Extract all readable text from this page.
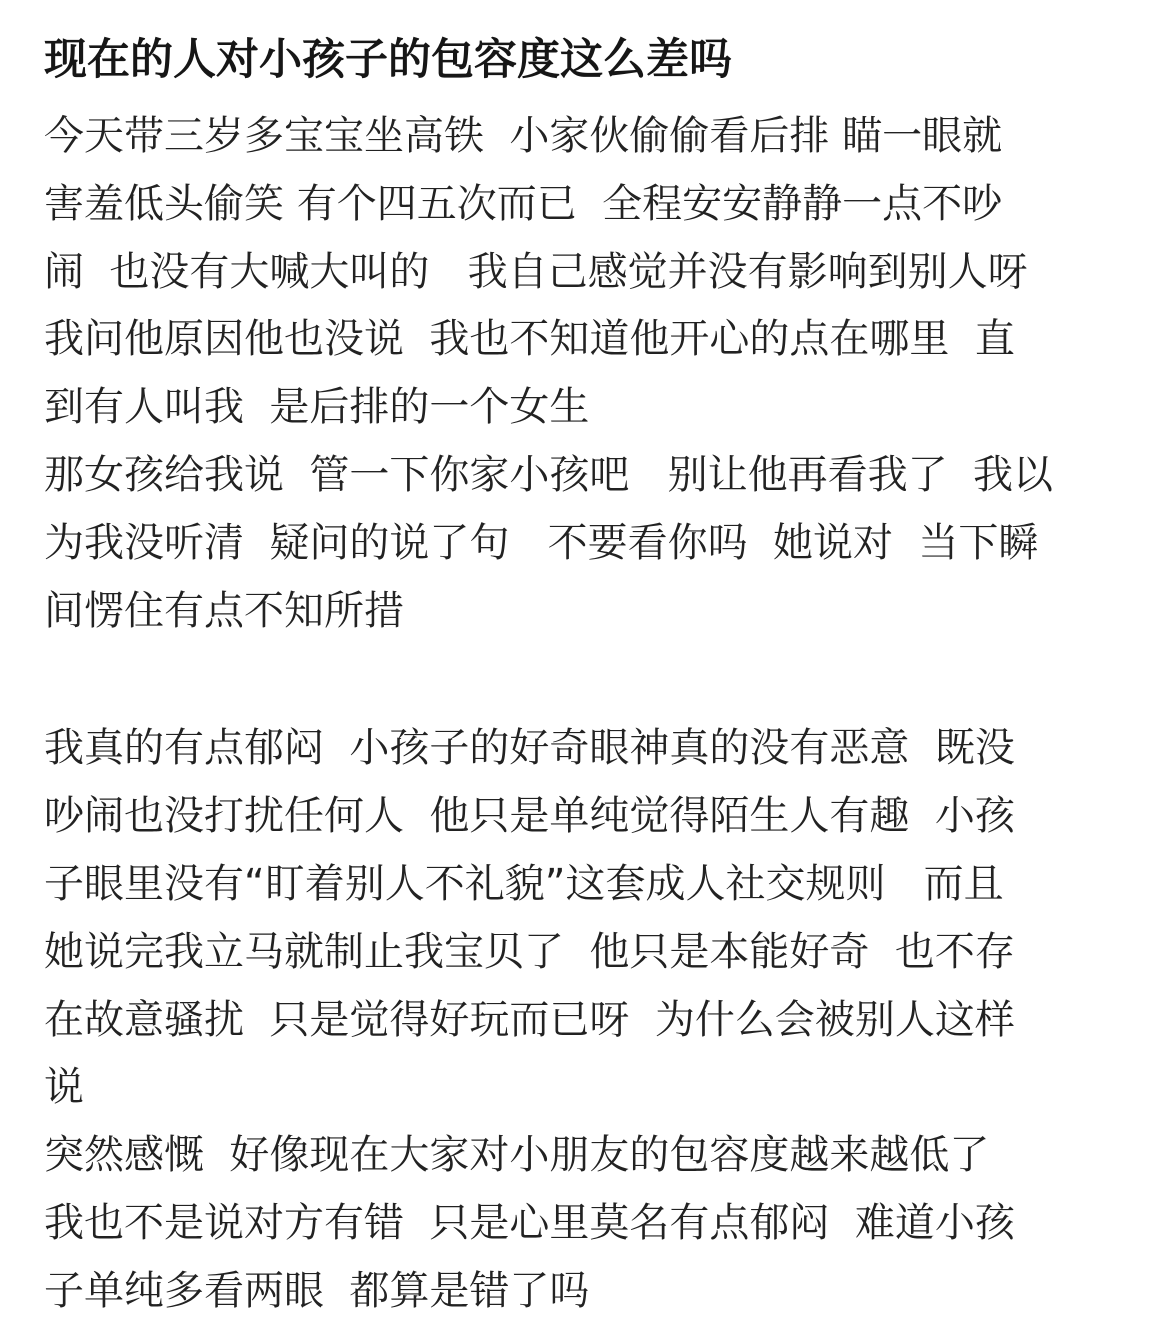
现在的人对小孩子的包容度这么差吗
今天带三岁多宝宝坐高铁  小家伙偷偷看后排 瞄一眼就
害羞低头偷笑 有个四五次而已  全程安安静静一点不吵
闹  也没有大喊大叫的   我自己感觉并没有影响到别人呀
我问他原因他也没说  我也不知道他开心的点在哪里  直
到有人叫我  是后排的一个女生
那女孩给我说  管一下你家小孩吧   别让他再看我了  我以
为我没听清  疑问的说了句   不要看你吗  她说对  当下瞬
间愣住有点不知所措
我真的有点郁闷  小孩子的好奇眼神真的没有恶意  既没
吵闹也没打扰任何人  他只是单纯觉得陌生人有趣  小孩
子眼里没有“盯着别人不礼貌”这套成人社交规则   而且
她说完我立马就制止我宝贝了  他只是本能好奇  也不存
在故意骚扰  只是觉得好玩而已呀  为什么会被别人这样
说
突然感慨  好像现在大家对小朋友的包容度越来越低了
我也不是说对方有错  只是心里莫名有点郁闷  难道小孩
子单纯多看两眼  都算是错了吗
